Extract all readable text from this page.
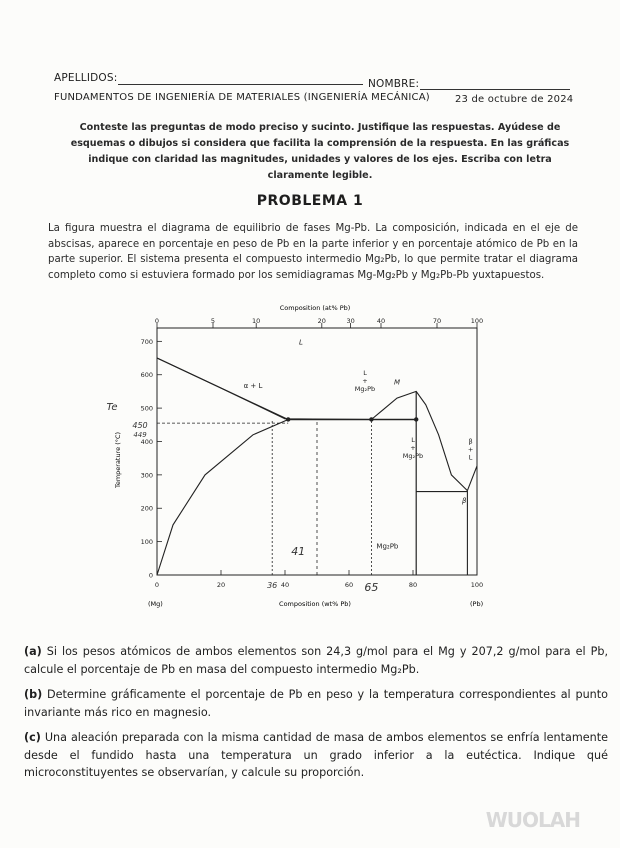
APELLIDOS:	NOMBRE:
FUNDAMENTOS DE INGENIERÍA DE MATERIALES (INGENIERÍA MECÁNICA)	23 de octubre de 2024
Conteste las preguntas de modo preciso y sucinto. Justifique las respuestas. Ayúdese de esquemas o dibujos si considera que facilita la comprensión de la respuesta. En las gráficas indique con claridad las magnitudes, unidades y valores de los ejes. Escriba con letra claramente legible.
PROBLEMA 1
La figura muestra el diagrama de equilibrio de fases Mg-Pb. La composición, indicada en el eje de abscisas, aparece en porcentaje en peso de Pb en la parte inferior y en porcentaje atómico de Pb en la parte superior. El sistema presenta el compuesto intermedio Mg₂Pb, lo que permite tratar el diagrama completo como si estuviera formado por los semidiagramas Mg-Mg₂Pb y Mg₂Pb-Pb yuxtapuestos.
Composition (at% Pb)
0	5	10	20	30	40	70	100
0
100
200
300
400
500
600
700
0	20	40	60	80	100
L
α + L
L
+
Mg₂Pb
M
L
+
Mg₂Pb
β
+
L
β
Mg₂Pb
Te
450
449
36
41
65
Temperature (°C)
Composition (wt% Pb)
(Mg)	(Pb)
(a) Si los pesos atómicos de ambos elementos son 24,3 g/mol para el Mg y 207,2 g/mol para el Pb, calcule el porcentaje de Pb en masa del compuesto intermedio Mg₂Pb.
(b) Determine gráficamente el porcentaje de Pb en peso y la temperatura correspondientes al punto invariante más rico en magnesio.
(c) Una aleación preparada con la misma cantidad de masa de ambos elementos se enfría lentamente desde el fundido hasta una temperatura un grado inferior a la eutéctica. Indique qué microconstituyentes se observarían, y calcule su proporción.
WUOLAH
